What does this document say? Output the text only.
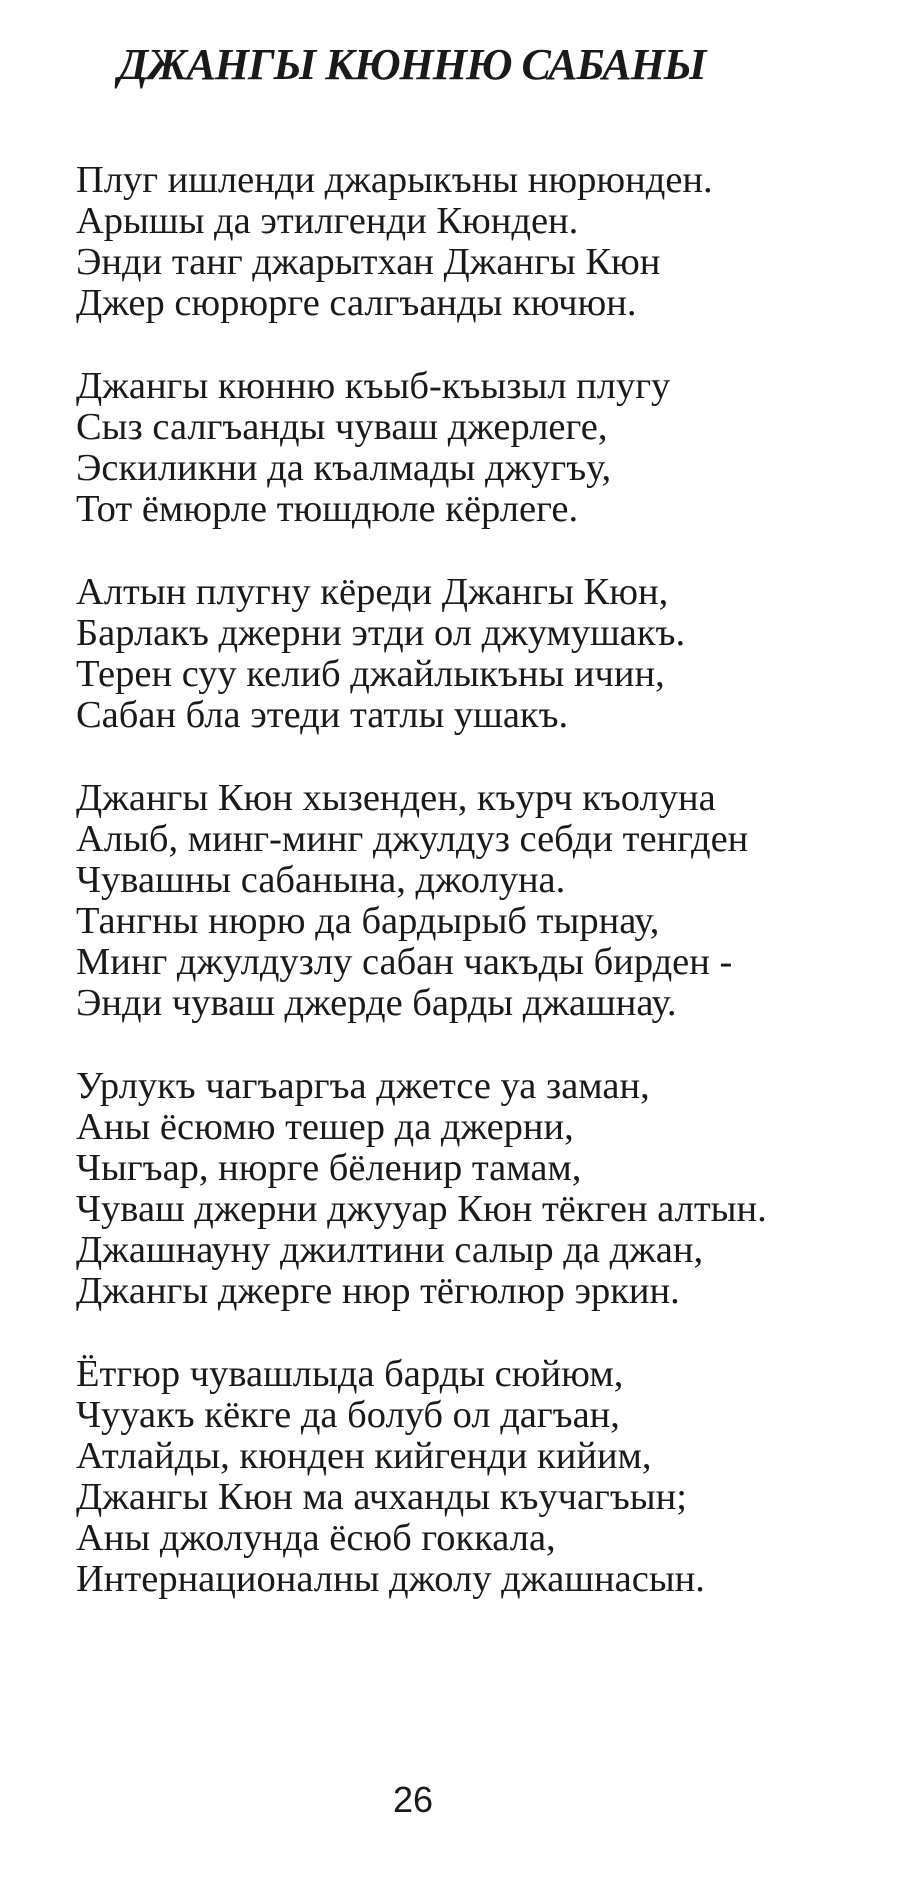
ДЖАНГЫ КЮННЮ САБАНЫ
Плуг ишленди джарыкъны нюрюнден.
Арышы да этилгенди Кюнден.
Энди танг джарытхан Джангы Кюн
Джер сюрюрге салгъанды кючюн.
Джангы кюнню къыб-къызыл плугу
Сыз салгъанды чуваш джерлеге,
Эскиликни да къалмады джугъу,
Тот ёмюрле тюшдюле кёрлеге.
Алтын плугну кёреди Джангы Кюн,
Барлакъ джерни этди ол джумушакъ.
Терен суу келиб джайлыкъны ичин,
Сабан бла этеди татлы ушакъ.
Джангы Кюн хызенден, къурч къолуна
Алыб, минг-минг джулдуз себди тенгден
Чувашны сабанына, джолуна.
Тангны нюрю да бардырыб тырнау,
Минг джулдузлу сабан чакъды бирден -
Энди чуваш джерде барды джашнау.
Урлукъ чагъаргъа джетсе уа заман,
Аны ёсюмю тешер да джерни,
Чыгъар, нюрге бёленир тамам,
Чуваш джерни джууар Кюн тёкген алтын.
Джашнауну джилтини салыр да джан,
Джангы джерге нюр тёгюлюр эркин.
Ётгюр чувашлыда барды сюйюм,
Чууакъ кёкге да болуб ол дагъан,
Атлайды, кюнден кийгенди кийим,
Джангы Кюн ма ачханды къучагъын;
Аны джолунда ёсюб гоккала,
Интернационалны джолу джашнасын.
26
